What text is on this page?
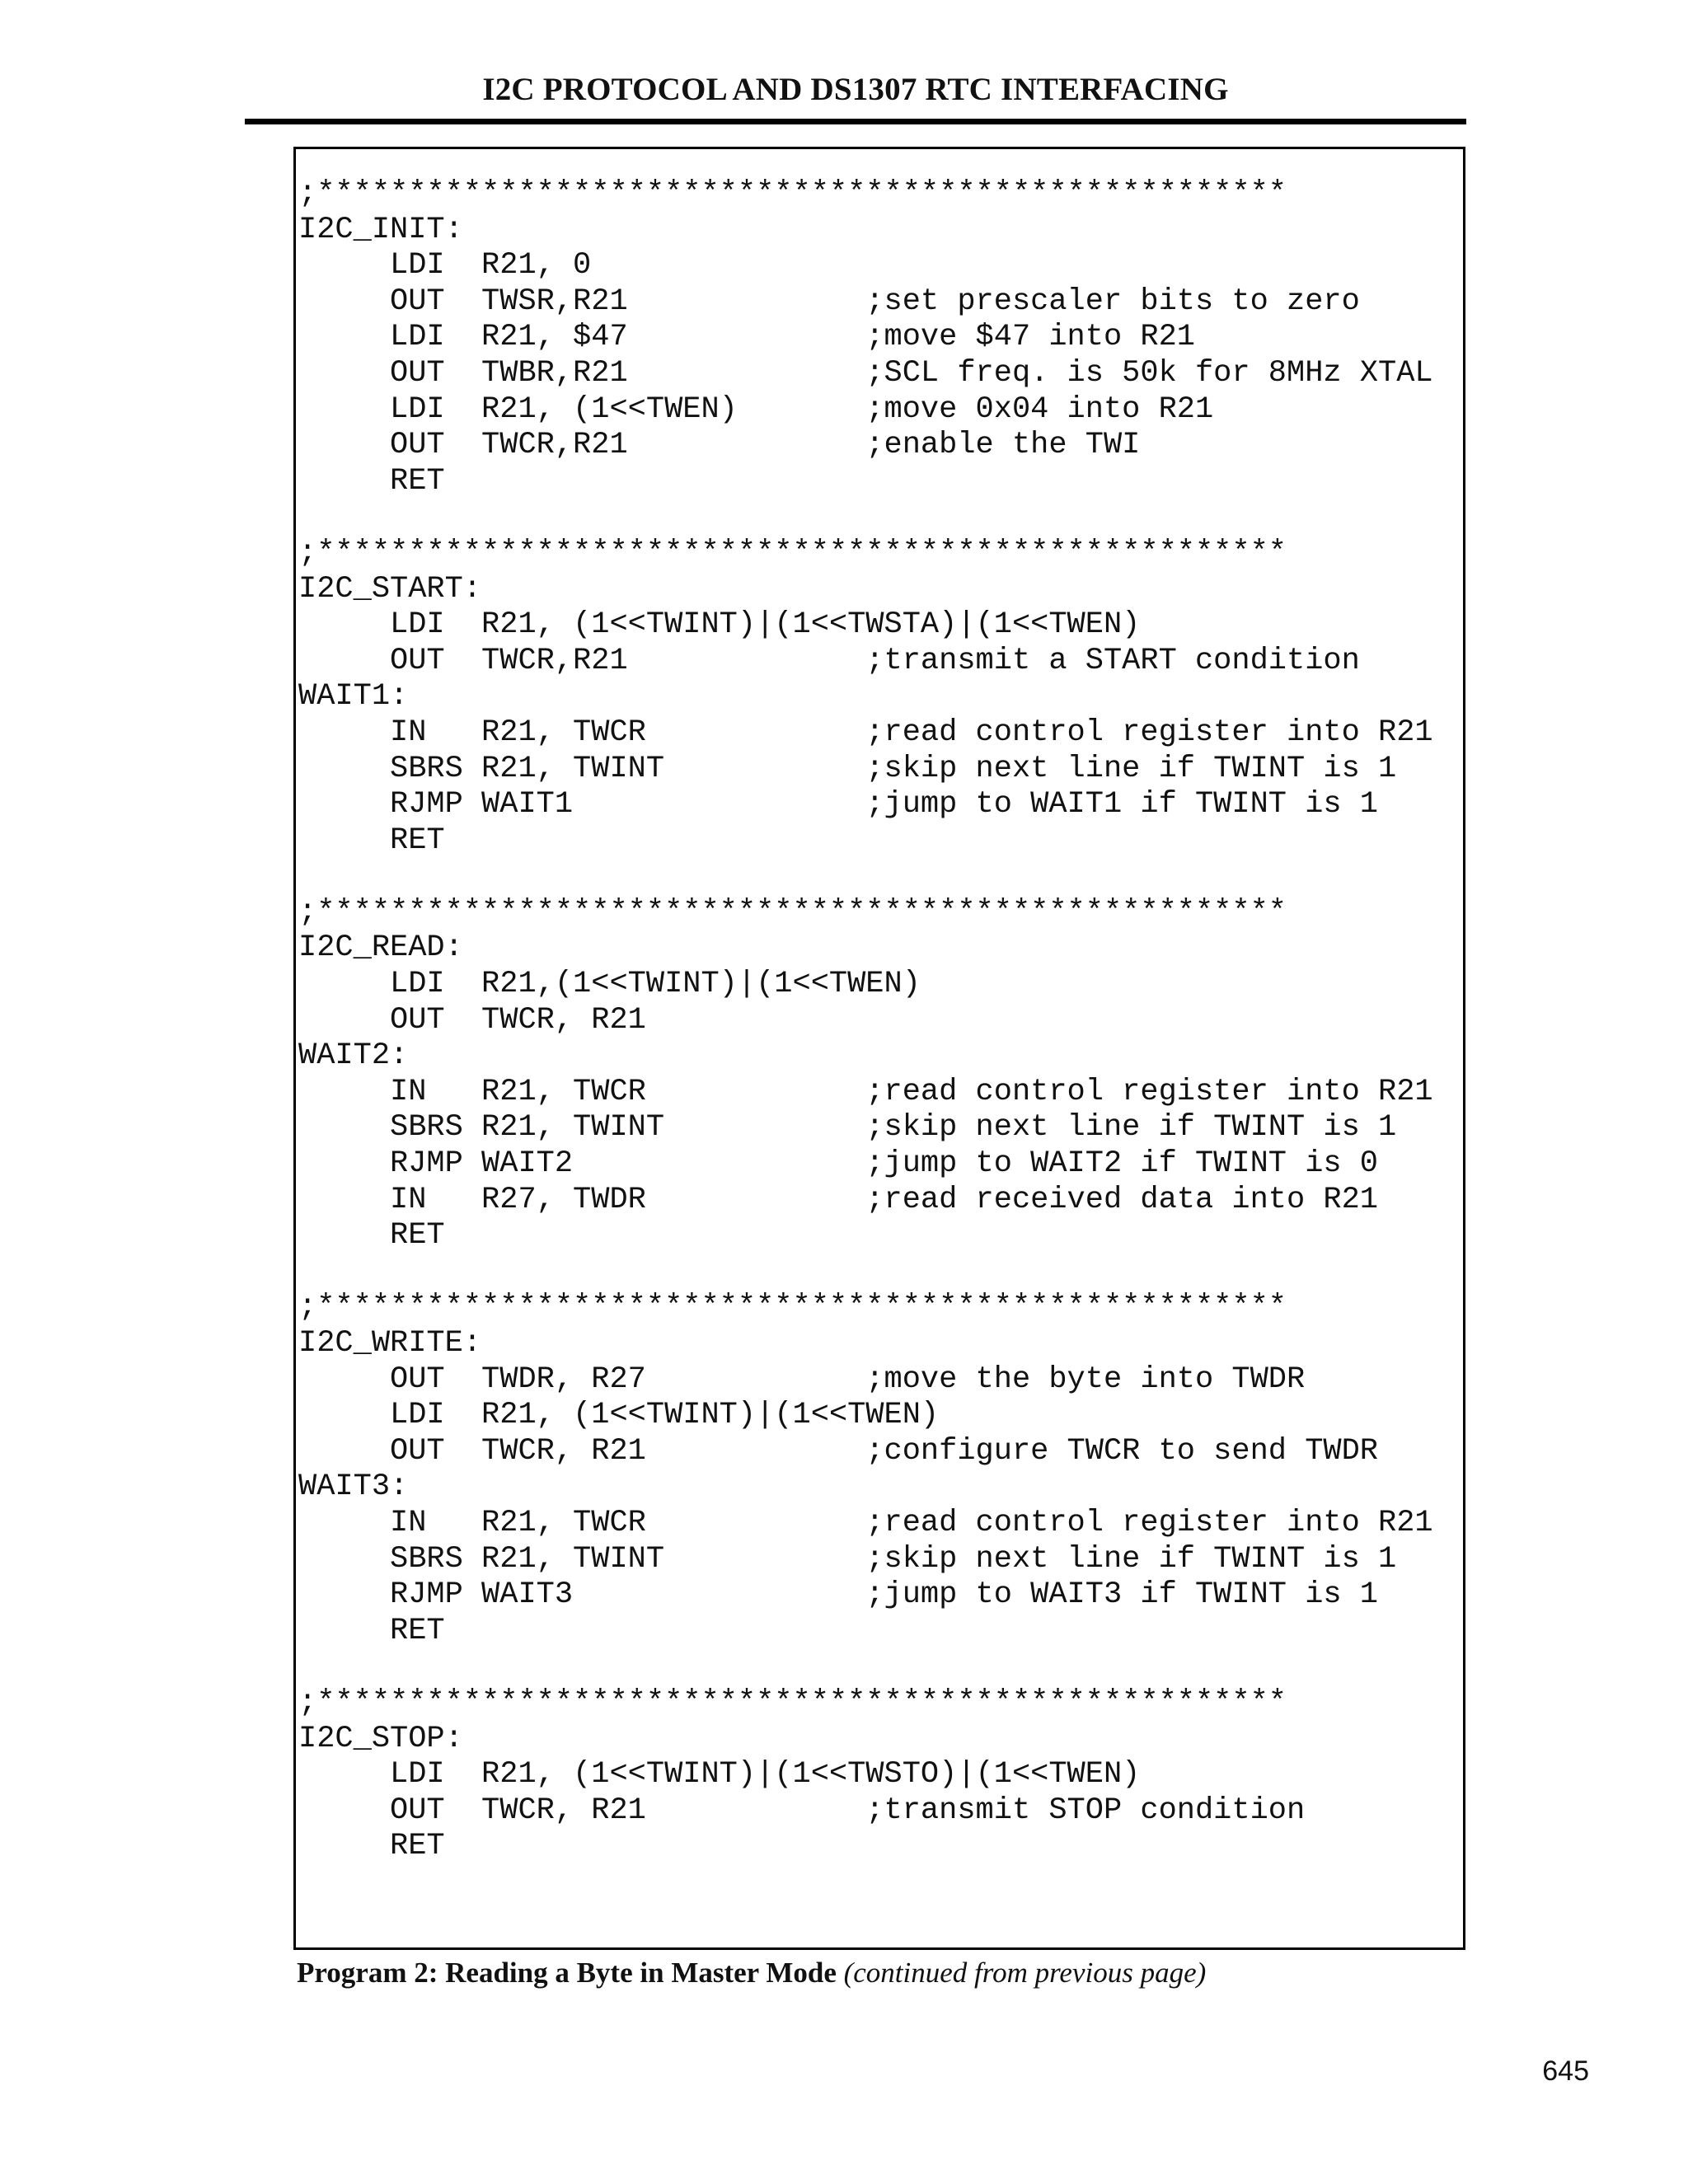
I2C PROTOCOL AND DS1307 RTC INTERFACING
;*****************************************************
I2C_INIT:
LDI  R21, 0
OUT  TWSR,R21             ;set prescaler bits to zero
LDI  R21, $47             ;move $47 into R21
OUT  TWBR,R21             ;SCL freq. is 50k for 8MHz XTAL
LDI  R21, (1<<TWEN)       ;move 0x04 into R21
OUT  TWCR,R21             ;enable the TWI
RET
;*****************************************************
I2C_START:
LDI  R21, (1<<TWINT)|(1<<TWSTA)|(1<<TWEN)
OUT  TWCR,R21             ;transmit a START condition
WAIT1:
IN   R21, TWCR            ;read control register into R21
SBRS R21, TWINT           ;skip next line if TWINT is 1
RJMP WAIT1                ;jump to WAIT1 if TWINT is 1
RET
;*****************************************************
I2C_READ:
LDI  R21,(1<<TWINT)|(1<<TWEN)
OUT  TWCR, R21
WAIT2:
IN   R21, TWCR            ;read control register into R21
SBRS R21, TWINT           ;skip next line if TWINT is 1
RJMP WAIT2                ;jump to WAIT2 if TWINT is 0
IN   R27, TWDR            ;read received data into R21
RET
;*****************************************************
I2C_WRITE:
OUT  TWDR, R27            ;move the byte into TWDR
LDI  R21, (1<<TWINT)|(1<<TWEN)
OUT  TWCR, R21            ;configure TWCR to send TWDR
WAIT3:
IN   R21, TWCR            ;read control register into R21
SBRS R21, TWINT           ;skip next line if TWINT is 1
RJMP WAIT3                ;jump to WAIT3 if TWINT is 1
RET
;*****************************************************
I2C_STOP:
LDI  R21, (1<<TWINT)|(1<<TWSTO)|(1<<TWEN)
OUT  TWCR, R21            ;transmit STOP condition
RET
Program 2: Reading a Byte in Master Mode (continued from previous page)
645
